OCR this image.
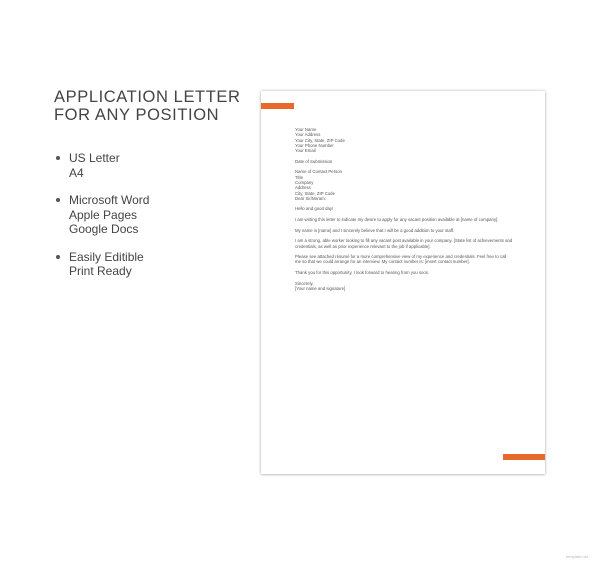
APPLICATION LETTER
FOR ANY POSITION
US Letter
A4
Microsoft Word
Apple Pages
Google Docs
Easily Editible
Print Ready
Your Name
Your Address
Your City, State, ZIP Code
Your Phone Number
Your Email
Date of Submission
Name of Contact Person
Title
Company
Address
City, State, ZIP Code
Dear Sir/Ma'am:
Hello and good day!
I am writing this letter to indicate my desire to apply for any vacant position available at [name of company].
My name is [name] and I sincerely believe that I will be a good addition to your staff.
I am a strong, able worker looking to fill any vacant post available in your company. [State list of achievements and credentials, as well as prior experience relevant to the job if applicable].
Please see attached résumé for a more comprehensive view of my experience and credentials. Feel free to call me so that we could arrange for an interview. My contact number is: [insert contact number].
Thank you for this opportunity, I look forward to hearing from you soon.
Sincerely,
[Your name and signature]
template.net
